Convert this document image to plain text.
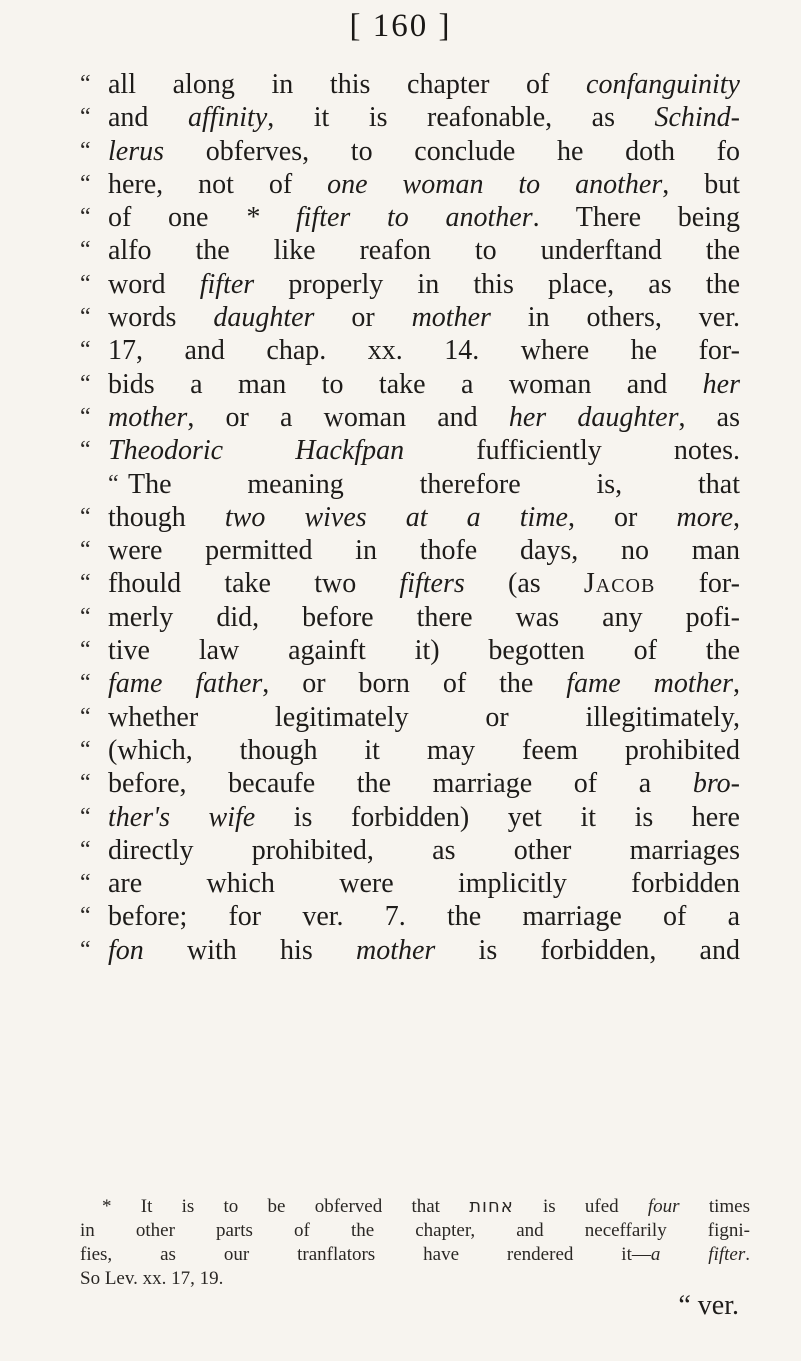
[ 160 ]
“ all along in this chapter of confanguinity
“ and affinity, it is reafonable, as Schind-
“ lerus obferves, to conclude he doth fo
“ here, not of one woman to another, but
“ of one * fifter to another. There being
“ alfo the like reafon to underftand the
“ word fifter properly in this place, as the
“ words daughter or mother in others, ver.
“ 17, and chap. xx. 14. where he for-
“ bids a man to take a woman and her
“ mother, or a woman and her daughter, as
“ Theodoric Hackfpan fufficiently notes.
“ The meaning therefore is, that
“ though two wives at a time, or more,
“ were permitted in thofe days, no man
“ fhould take two fifters (as Jacob for-
“ merly did, before there was any pofi-
“ tive law againft it) begotten of the
“ fame father, or born of the fame mother,
“ whether legitimately or illegitimately,
“ (which, though it may feem prohibited
“ before, becaufe the marriage of a bro-
“ ther's wife is forbidden) yet it is here
“ directly prohibited, as other marriages
“ are which were implicitly forbidden
“ before; for ver. 7. the marriage of a
“ fon with his mother is forbidden, and
* It is to be obferved that אחות is ufed four times
in other parts of the chapter, and neceffarily figni-
fies, as our tranflators have rendered it—a fifter.
So Lev. xx. 17, 19.
“ ver.
